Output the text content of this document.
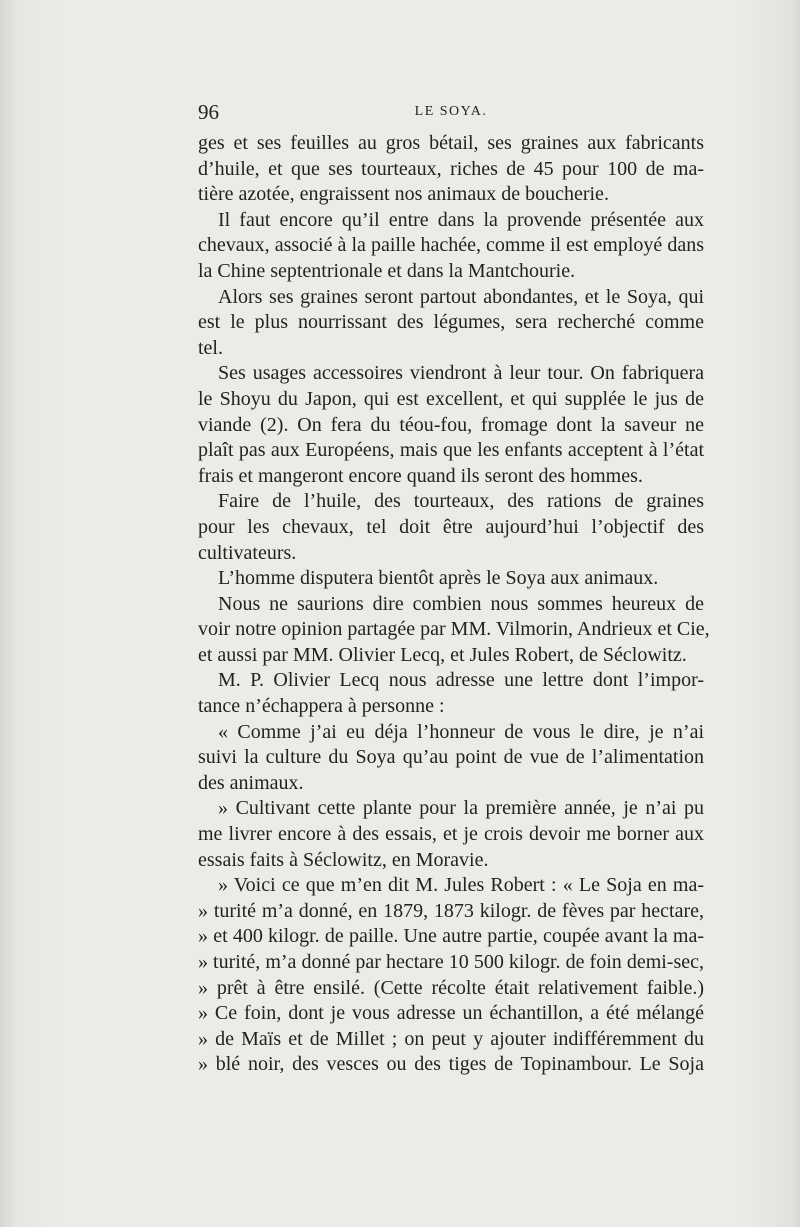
96	LE SOYA.
ges et ses feuilles au gros bétail, ses graines aux fabricants
d’huile, et que ses tourteaux, riches de 45 pour 100 de ma-
tière azotée, engraissent nos animaux de boucherie.
Il faut encore qu’il entre dans la provende présentée aux
chevaux, associé à la paille hachée, comme il est employé dans
la Chine septentrionale et dans la Mantchourie.
Alors ses graines seront partout abondantes, et le Soya, qui
est le plus nourrissant des légumes, sera recherché comme
tel.
Ses usages accessoires viendront à leur tour. On fabriquera
le Shoyu du Japon, qui est excellent, et qui supplée le jus de
viande (2). On fera du téou-fou, fromage dont la saveur ne
plaît pas aux Européens, mais que les enfants acceptent à l’état
frais et mangeront encore quand ils seront des hommes.
Faire de l’huile, des tourteaux, des rations de graines
pour les chevaux, tel doit être aujourd’hui l’objectif des
cultivateurs.
L’homme disputera bientôt après le Soya aux animaux.
Nous ne saurions dire combien nous sommes heureux de
voir notre opinion partagée par MM. Vilmorin, Andrieux et Cie,
et aussi par MM. Olivier Lecq, et Jules Robert, de Séclowitz.
M. P. Olivier Lecq nous adresse une lettre dont l’impor-
tance n’échappera à personne :
« Comme j’ai eu déja l’honneur de vous le dire, je n’ai
suivi la culture du Soya qu’au point de vue de l’alimentation
des animaux.
» Cultivant cette plante pour la première année, je n’ai pu
me livrer encore à des essais, et je crois devoir me borner aux
essais faits à Séclowitz, en Moravie.
» Voici ce que m’en dit M. Jules Robert : « Le Soja en ma-
» turité m’a donné, en 1879, 1873 kilogr. de fèves par hectare,
» et 400 kilogr. de paille. Une autre partie, coupée avant la ma-
» turité, m’a donné par hectare 10 500 kilogr. de foin demi-sec,
» prêt à être ensilé. (Cette récolte était relativement faible.)
» Ce foin, dont je vous adresse un échantillon, a été mélangé
» de Maïs et de Millet ; on peut y ajouter indifféremment du
» blé noir, des vesces ou des tiges de Topinambour. Le Soja
